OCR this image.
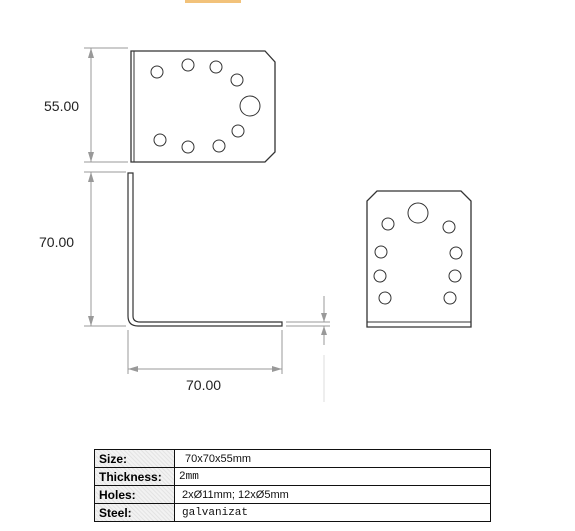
55.00
70.00
70.00
Size:	70x70x55mm
Thickness:	2mm
Holes:	2xØ11mm; 12xØ5mm
Steel:	galvanizat
